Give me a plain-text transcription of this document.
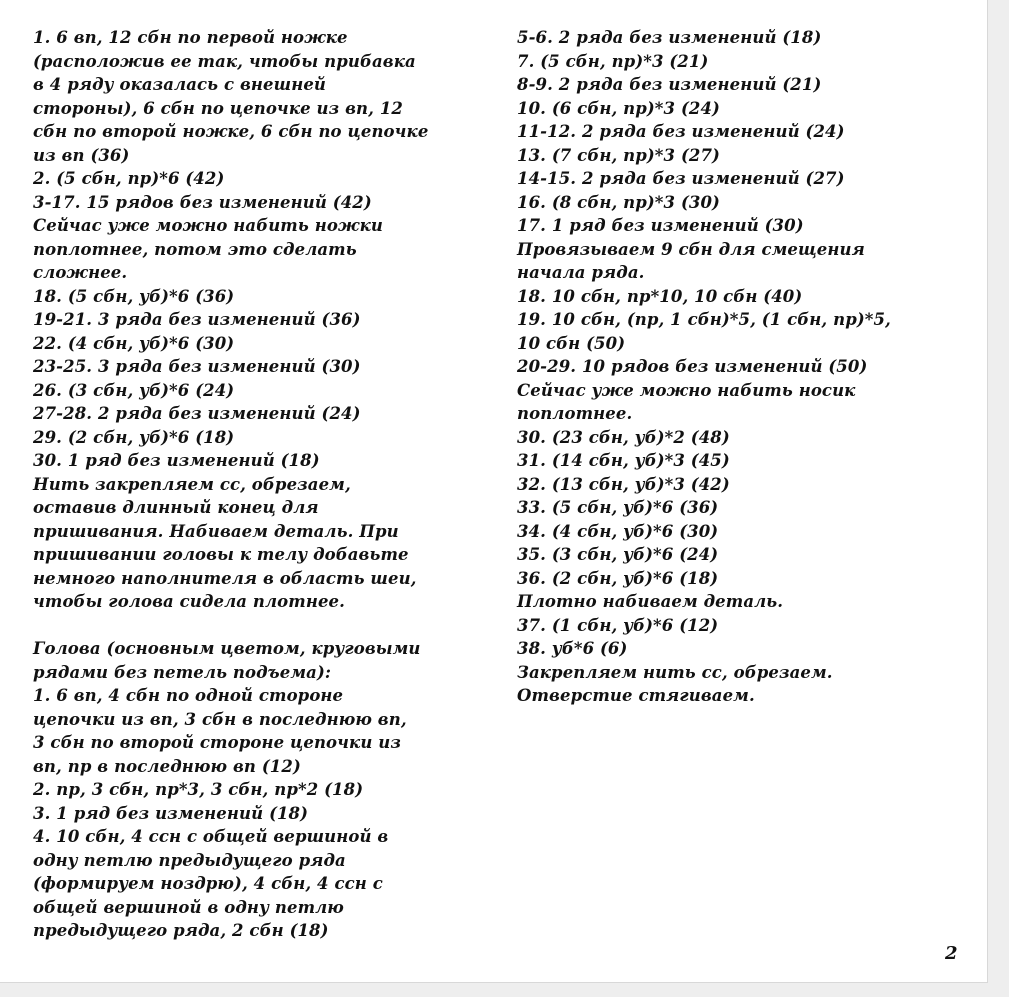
1. 6 вп, 12 сбн по первой ножке
(расположив ее так, чтобы прибавка
в 4 ряду оказалась с внешней
стороны), 6 сбн по цепочке из вп, 12
сбн по второй ножке, 6 сбн по цепочке
из вп (36)
2. (5 сбн, пр)*6 (42)
3-17. 15 рядов без изменений (42)
Сейчас уже можно набить ножки
поплотнее, потом это сделать
сложнее.
18. (5 сбн, уб)*6 (36)
19-21. 3 ряда без изменений (36)
22. (4 сбн, уб)*6 (30)
23-25. 3 ряда без изменений (30)
26. (3 сбн, уб)*6 (24)
27-28. 2 ряда без изменений (24)
29. (2 сбн, уб)*6 (18)
30. 1 ряд без изменений (18)
Нить закрепляем сс, обрезаем,
оставив длинный конец для
пришивания. Набиваем деталь. При
пришивании головы к телу добавьте
немного наполнителя в область шеи,
чтобы голова сидела плотнее.
Голова (основным цветом, круговыми
рядами без петель подъема):
1. 6 вп, 4 сбн по одной стороне
цепочки из вп, 3 сбн в последнюю вп,
3 сбн по второй стороне цепочки из
вп, пр в последнюю вп (12)
2. пр, 3 сбн, пр*3, 3 сбн, пр*2 (18)
3. 1 ряд без изменений (18)
4. 10 сбн, 4 ссн с общей вершиной в
одну петлю предыдущего ряда
(формируем ноздрю), 4 сбн, 4 ссн с
общей вершиной в одну петлю
предыдущего ряда, 2 сбн (18)
5-6. 2 ряда без изменений (18)
7. (5 сбн, пр)*3 (21)
8-9. 2 ряда без изменений (21)
10. (6 сбн, пр)*3 (24)
11-12. 2 ряда без изменений (24)
13. (7 сбн, пр)*3 (27)
14-15. 2 ряда без изменений (27)
16. (8 сбн, пр)*3 (30)
17. 1 ряд без изменений (30)
Провязываем 9 сбн для смещения
начала ряда.
18. 10 сбн, пр*10, 10 сбн (40)
19. 10 сбн, (пр, 1 сбн)*5, (1 сбн, пр)*5,
10 сбн (50)
20-29. 10 рядов без изменений (50)
Сейчас уже можно набить носик
поплотнее.
30. (23 сбн, уб)*2 (48)
31. (14 сбн, уб)*3 (45)
32. (13 сбн, уб)*3 (42)
33. (5 сбн, уб)*6 (36)
34. (4 сбн, уб)*6 (30)
35. (3 сбн, уб)*6 (24)
36. (2 сбн, уб)*6 (18)
Плотно набиваем деталь.
37. (1 сбн, уб)*6 (12)
38. уб*6 (6)
Закрепляем нить сс, обрезаем.
Отверстие стягиваем.
2
